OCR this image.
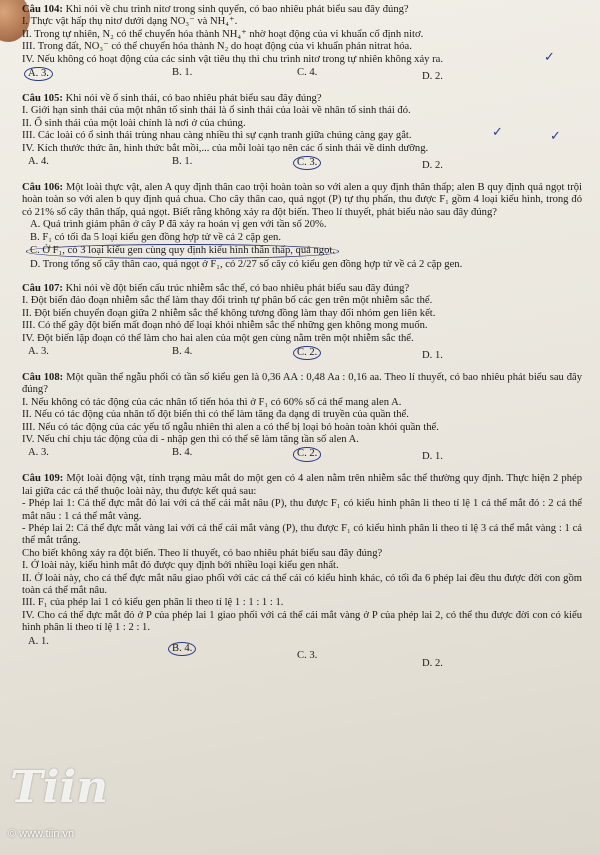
Câu 104: Khi nói về chu trình nitơ trong sinh quyển, có bao nhiêu phát biểu sau đây đúng?

I. Thực vật hấp thụ nitơ dưới dạng NO₃⁻ và NH₄⁺.

II. Trong tự nhiên, N₂ có thể chuyển hóa thành NH₄⁺ nhờ hoạt động của vi khuẩn cố định nitơ.

III. Trong đất, NO₃⁻ có thể chuyển hóa thành N₂ do hoạt động của vi khuẩn phản nitrat hóa.

IV. Nếu không có hoạt động của các sinh vật tiêu thụ thì chu trình nitơ trong tự nhiên không xảy ra.	✓

A. 3.	B. 1.	C. 4.	D. 2.

Câu 105: Khi nói về ổ sinh thái, có bao nhiêu phát biểu sau đây đúng?

I. Giới hạn sinh thái của một nhân tố sinh thái là ổ sinh thái của loài về nhân tố sinh thái đó.

II. Ổ sinh thái của một loài chính là nơi ở của chúng.

III. Các loài có ổ sinh thái trùng nhau càng nhiều thì sự cạnh tranh giữa chúng càng gay gắt.	✓

IV. Kích thước thức ăn, hình thức bắt mồi,... của mỗi loài tạo nên các ổ sinh thái về dinh dưỡng.
✓

A. 4.	B. 1.	C. 3.	D. 2.

Câu 106: Một loài thực vật, alen A quy định thân cao trội hoàn toàn so với alen a quy định thân thấp; alen B quy định quả ngọt trội hoàn toàn so với alen b quy định quả chua. Cho cây thân cao, quả ngọt (P) tự thụ phấn, thu được F₁ gồm 4 loại kiểu hình, trong đó có 21% số cây thân thấp, quả ngọt. Biết rằng không xảy ra đột biến. Theo lí thuyết, phát biểu nào sau đây đúng?

A. Quá trình giảm phân ở cây P đã xảy ra hoán vị gen với tần số 20%.

B. F₁ có tối đa 5 loại kiểu gen đồng hợp tử về cả 2 cặp gen.

C. Ở F₁, có 3 loại kiểu gen cùng quy định kiểu hình thân thấp, quả ngọt.

D. Trong tổng số cây thân cao, quả ngọt ở F₁, có 2/27 số cây có kiểu gen đồng hợp tử về cả 2 cặp gen.

Câu 107: Khi nói về đột biến cấu trúc nhiễm sắc thể, có bao nhiêu phát biểu sau đây đúng?

I. Đột biến đảo đoạn nhiễm sắc thể làm thay đổi trình tự phân bố các gen trên một nhiễm sắc thể.

II. Đột biến chuyển đoạn giữa 2 nhiễm sắc thể không tương đồng làm thay đổi nhóm gen liên kết.

III. Có thể gây đột biến mất đoạn nhỏ để loại khỏi nhiễm sắc thể những gen không mong muốn.

IV. Đột biến lặp đoạn có thể làm cho hai alen của một gen cùng nằm trên một nhiễm sắc thể.

A. 3.	B. 4.	C. 2.	D. 1.

Câu 108: Một quần thể ngẫu phối có tần số kiểu gen là 0,36 AA : 0,48 Aa : 0,16 aa. Theo lí thuyết, có bao nhiêu phát biểu sau đây đúng?

I. Nếu không có tác động của các nhân tố tiến hóa thì ở F₁ có 60% số cá thể mang alen A.

II. Nếu có tác động của nhân tố đột biến thì có thể làm tăng đa dạng di truyền của quần thể.

III. Nếu có tác động của các yếu tố ngẫu nhiên thì alen a có thể bị loại bỏ hoàn toàn khỏi quần thể.

IV. Nếu chỉ chịu tác động của di - nhập gen thì có thể sẽ làm tăng tần số alen A.

A. 3.	B. 4.	C. 2.	D. 1.

Câu 109: Một loài động vật, tính trạng màu mắt do một gen có 4 alen nằm trên nhiễm sắc thể thường quy định. Thực hiện 2 phép lai giữa các cá thể thuộc loài này, thu được kết quả sau:

- Phép lai 1: Cá thể đực mắt đỏ lai với cá thể cái mắt nâu (P), thu được F₁ có kiểu hình phân li theo tỉ lệ 1 cá thể mắt đỏ : 2 cá thể mắt nâu : 1 cá thể mắt vàng.

- Phép lai 2: Cá thể đực mắt vàng lai với cá thể cái mắt vàng (P), thu được F₁ có kiểu hình phân li theo tỉ lệ 3 cá thể mắt vàng : 1 cá thể mắt trắng.

Cho biết không xảy ra đột biến. Theo lí thuyết, có bao nhiêu phát biểu sau đây đúng?

I. Ở loài này, kiểu hình mắt đỏ được quy định bởi nhiều loại kiểu gen nhất.

II. Ở loài này, cho cá thể đực mắt nâu giao phối với các cá thể cái có kiểu hình khác, có tối đa 6 phép lai đều thu được đời con gồm toàn cá thể mắt nâu.

III. F₁ của phép lai 1 có kiểu gen phân li theo tỉ lệ 1 : 1 : 1 : 1.

IV. Cho cá thể đực mắt đỏ ở P của phép lai 1 giao phối với cá thể cái mắt vàng ở P của phép lai 2, có thể thu được đời con có kiểu hình phân li theo tỉ lệ 1 : 2 : 1.

A. 1.
B. 4.
C. 3.
D. 2.
Tiin
© www.tiin.vn
